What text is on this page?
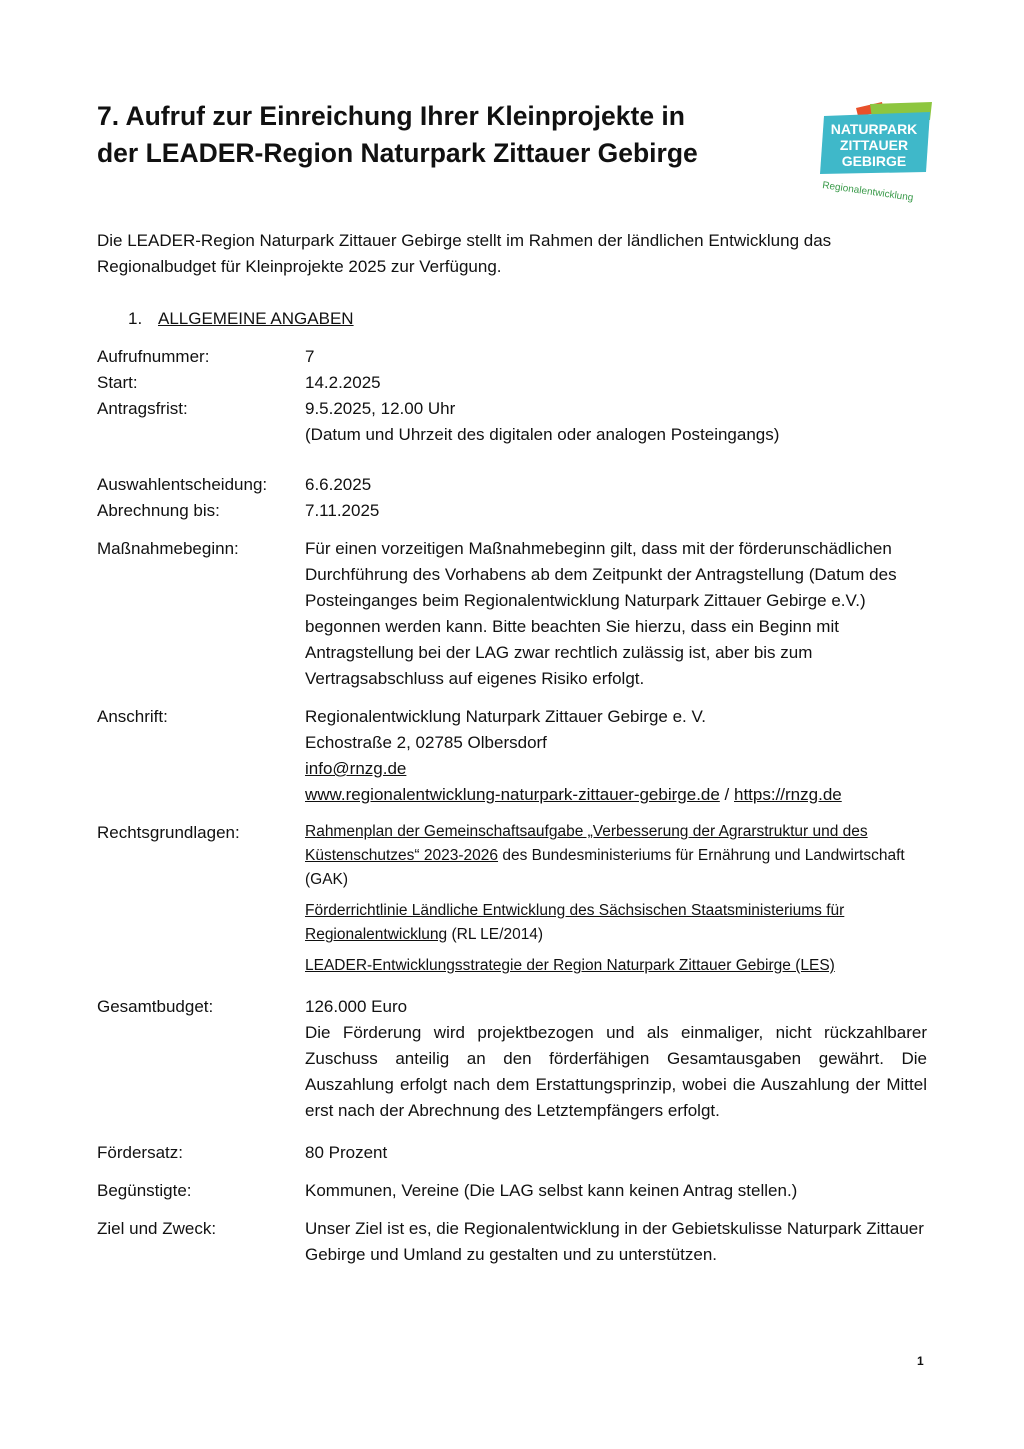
7. Aufruf zur Einreichung Ihrer Kleinprojekte in
der LEADER-Region Naturpark Zittauer Gebirge
NATURPARK
ZITTAUER
GEBIRGE
Regionalentwicklung

Die LEADER-Region Naturpark Zittauer Gebirge stellt im Rahmen der ländlichen Entwicklung das
Regionalbudget für Kleinprojekte 2025 zur Verfügung.

1. ALLGEMEINE ANGABEN
Aufrufnummer:	7
Start:	14.2.2025
Antragsfrist:	9.5.2025, 12.00 Uhr
(Datum und Uhrzeit des digitalen oder analogen Posteingangs)
Auswahlentscheidung:	6.6.2025
Abrechnung bis:	7.11.2025
Maßnahmebeginn:	Für einen vorzeitigen Maßnahmebeginn gilt, dass mit der förderunschädlichen Durchführung des Vorhabens ab dem Zeitpunkt der Antragstellung (Datum des Posteinganges beim Regionalentwicklung Naturpark Zittauer Gebirge e.V.) begonnen werden kann. Bitte beachten Sie hierzu, dass ein Beginn mit Antragstellung bei der LAG zwar rechtlich zulässig ist, aber bis zum Vertragsabschluss auf eigenes Risiko erfolgt.
Anschrift:	Regionalentwicklung Naturpark Zittauer Gebirge e. V.
Echostraße 2, 02785 Olbersdorf
info@rnzg.de
www.regionalentwicklung-naturpark-zittauer-gebirge.de / https://rnzg.de
Rechtsgrundlagen:	Rahmenplan der Gemeinschaftsaufgabe „Verbesserung der Agrarstruktur und des Küstenschutzes“ 2023-2026 des Bundesministeriums für Ernährung und Landwirtschaft (GAK)
Förderrichtlinie Ländliche Entwicklung des Sächsischen Staatsministeriums für Regionalentwicklung (RL LE/2014)
LEADER-Entwicklungsstrategie der Region Naturpark Zittauer Gebirge (LES)
Gesamtbudget:	126.000 Euro
Die Förderung wird projektbezogen und als einmaliger, nicht rückzahlbarer Zuschuss anteilig an den förderfähigen Gesamtausgaben gewährt. Die Auszahlung erfolgt nach dem Erstattungsprinzip, wobei die Auszahlung der Mittel erst nach der Abrechnung des Letztempfängers erfolgt.
Fördersatz:	80 Prozent
Begünstigte:	Kommunen, Vereine (Die LAG selbst kann keinen Antrag stellen.)
Ziel und Zweck:	Unser Ziel ist es, die Regionalentwicklung in der Gebietskulisse Naturpark Zittauer Gebirge und Umland zu gestalten und zu unterstützen.
1
